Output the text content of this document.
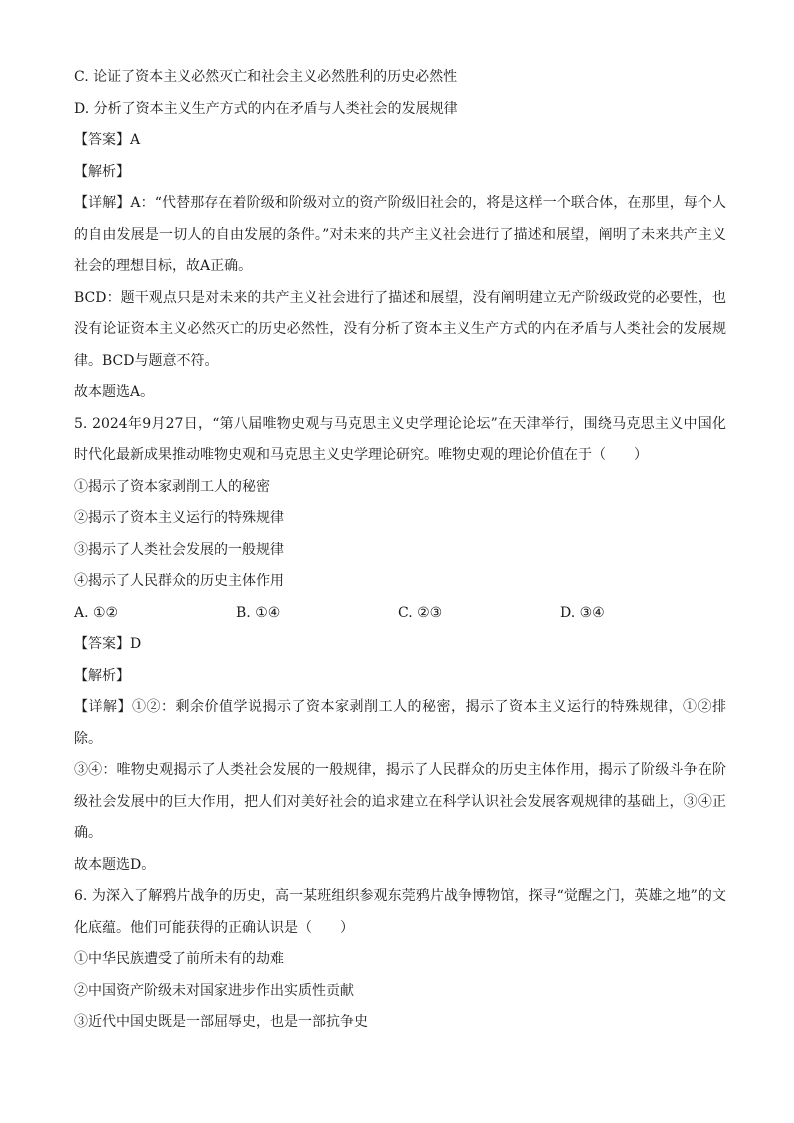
C. 论证了资本主义必然灭亡和社会主义必然胜利的历史必然性
D. 分析了资本主义生产方式的内在矛盾与人类社会的发展规律
【答案】A
【解析】
【详解】A：“代替那存在着阶级和阶级对立的资产阶级旧社会的，将是这样一个联合体，在那里，每个人的自由发展是一切人的自由发展的条件。”对未来的共产主义社会进行了描述和展望，阐明了未来共产主义社会的理想目标，故A正确。
BCD：题干观点只是对未来的共产主义社会进行了描述和展望，没有阐明建立无产阶级政党的必要性，也没有论证资本主义必然灭亡的历史必然性，没有分析了资本主义生产方式的内在矛盾与人类社会的发展规律。BCD与题意不符。
故本题选A。
5. 2024年9月27日，“第八届唯物史观与马克思主义史学理论论坛”在天津举行，围绕马克思主义中国化时代化最新成果推动唯物史观和马克思主义史学理论研究。唯物史观的理论价值在于（　　）
①揭示了资本家剥削工人的秘密
②揭示了资本主义运行的特殊规律
③揭示了人类社会发展的一般规律
④揭示了人民群众的历史主体作用
A. ①②	B. ①④	C. ②③	D. ③④
【答案】D
【解析】
【详解】①②：剩余价值学说揭示了资本家剥削工人的秘密，揭示了资本主义运行的特殊规律，①②排除。
③④：唯物史观揭示了人类社会发展的一般规律，揭示了人民群众的历史主体作用，揭示了阶级斗争在阶级社会发展中的巨大作用，把人们对美好社会的追求建立在科学认识社会发展客观规律的基础上，③④正确。
故本题选D。
6. 为深入了解鸦片战争的历史，高一某班组织参观东莞鸦片战争博物馆，探寻“觉醒之门，英雄之地”的文化底蕴。他们可能获得的正确认识是（　　）
①中华民族遭受了前所未有的劫难
②中国资产阶级未对国家进步作出实质性贡献
③近代中国史既是一部屈辱史，也是一部抗争史
